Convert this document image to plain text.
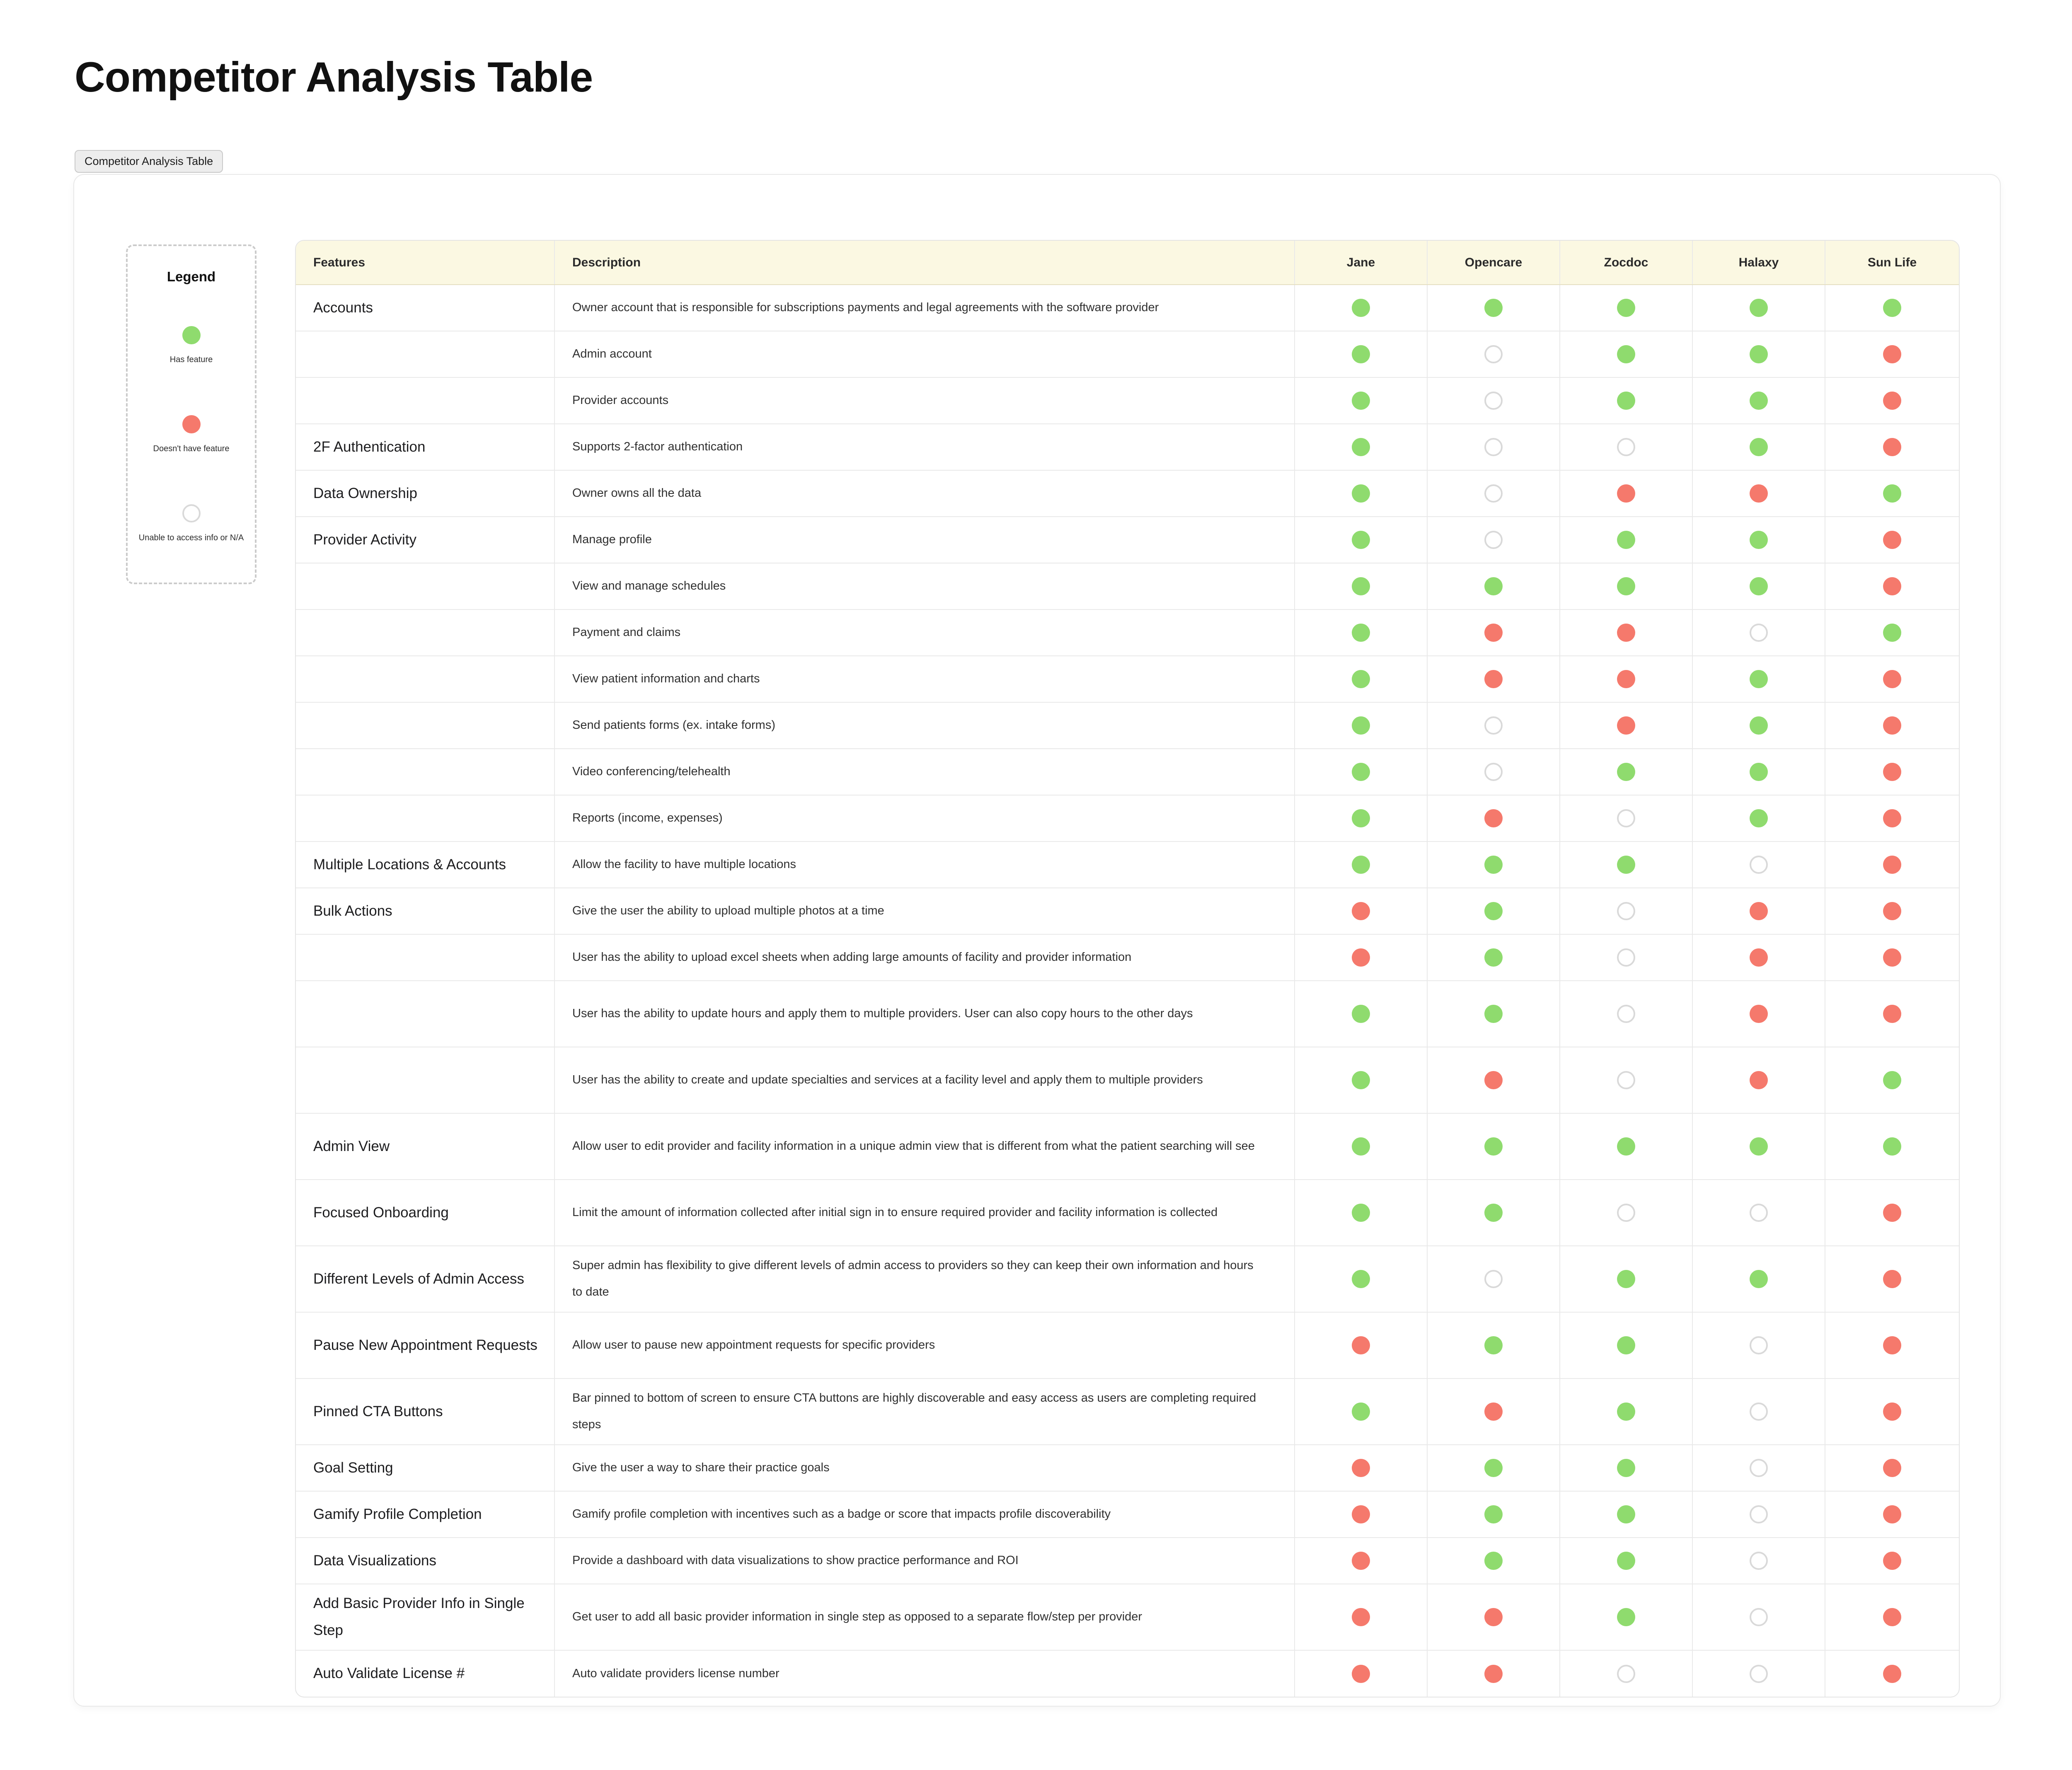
Competitor Analysis Table
Competitor Analysis Table
Legend
Has feature
Doesn't have feature
Unable to access info or N/A
Features	Description	Jane	Opencare	Zocdoc	Halaxy	Sun Life
Accounts	Owner account that is responsible for subscriptions payments and legal agreements with the software provider					
	Admin account					
	Provider accounts					
2F Authentication	Supports 2-factor authentication					
Data Ownership	Owner owns all the data					
Provider Activity	Manage profile					
	View and manage schedules					
	Payment and claims					
	View patient information and charts					
	Send patients forms (ex. intake forms)					
	Video conferencing/telehealth					
	Reports (income, expenses)					
Multiple Locations & Accounts	Allow the facility to have multiple locations					
Bulk Actions	Give the user the ability to upload multiple photos at a time					
	User has the ability to upload excel sheets when adding large amounts of facility and provider information					
	User has the ability to update hours and apply them to multiple providers. User can also copy hours to the other days					
	User has the ability to create and update specialties and services at a facility level and apply them to multiple providers					
Admin View	Allow user to edit provider and facility information in a unique admin view that is different from what the patient searching will see					
Focused Onboarding	Limit the amount of information collected after initial sign in to ensure required provider and facility information is collected					
Different Levels of Admin Access	Super admin has flexibility to give different levels of admin access to providers so they can keep their own information and hours to date					
Pause New Appointment Requests	Allow user to pause new appointment requests for specific providers					
Pinned CTA Buttons	Bar pinned to bottom of screen to ensure CTA buttons are highly discoverable and easy access as users are completing required steps					
Goal Setting	Give the user a way to share their practice goals					
Gamify Profile Completion	Gamify profile completion with incentives such as a badge or score that impacts profile discoverability					
Data Visualizations	Provide a dashboard with data visualizations to show practice performance and ROI					
Add Basic Provider Info in Single Step	Get user to add all basic provider information in single step as opposed to a separate flow/step per provider					
Auto Validate License #	Auto validate providers license number					
